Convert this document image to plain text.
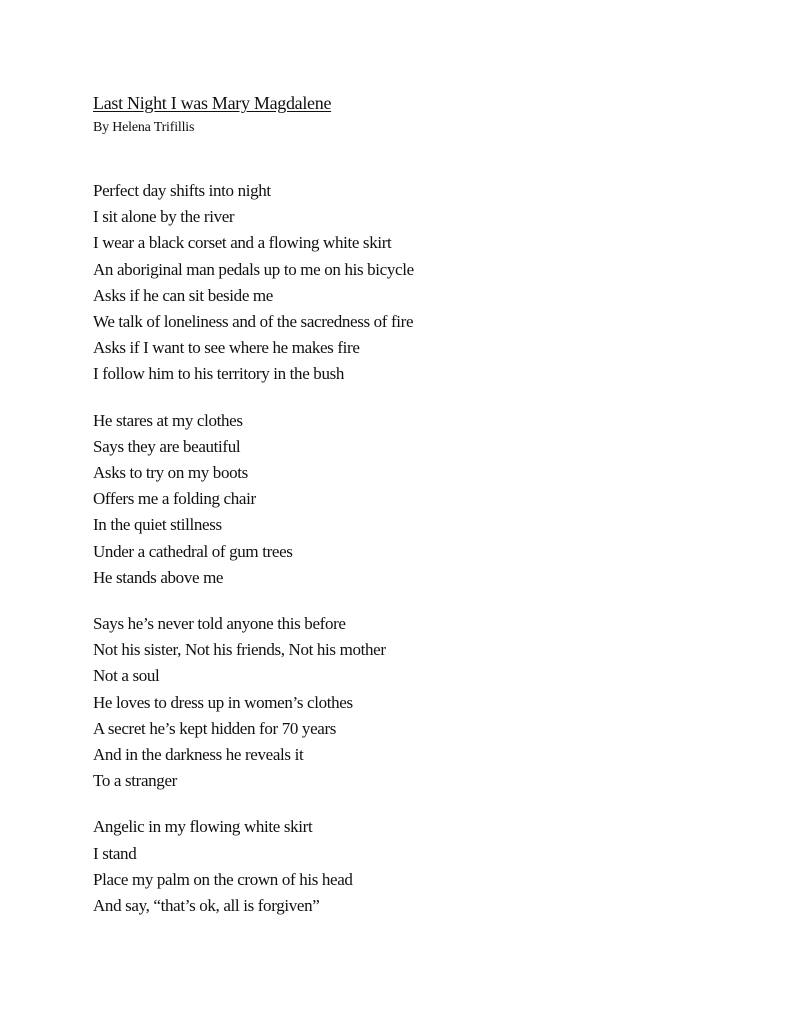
Last Night I was Mary Magdalene

By Helena Trifillis

Perfect day shifts into night
I sit alone by the river
I wear a black corset and a flowing white skirt
An aboriginal man pedals up to me on his bicycle
Asks if he can sit beside me
We talk of loneliness and of the sacredness of fire
Asks if I want to see where he makes fire
I follow him to his territory in the bush
He stares at my clothes
Says they are beautiful
Asks to try on my boots
Offers me a folding chair
In the quiet stillness
Under a cathedral of gum trees
He stands above me
Says he’s never told anyone this before
Not his sister, Not his friends, Not his mother
Not a soul
He loves to dress up in women’s clothes
A secret he’s kept hidden for 70 years
And in the darkness he reveals it
To a stranger
Angelic in my flowing white skirt
I stand
Place my palm on the crown of his head
And say, “that’s ok, all is forgiven”
